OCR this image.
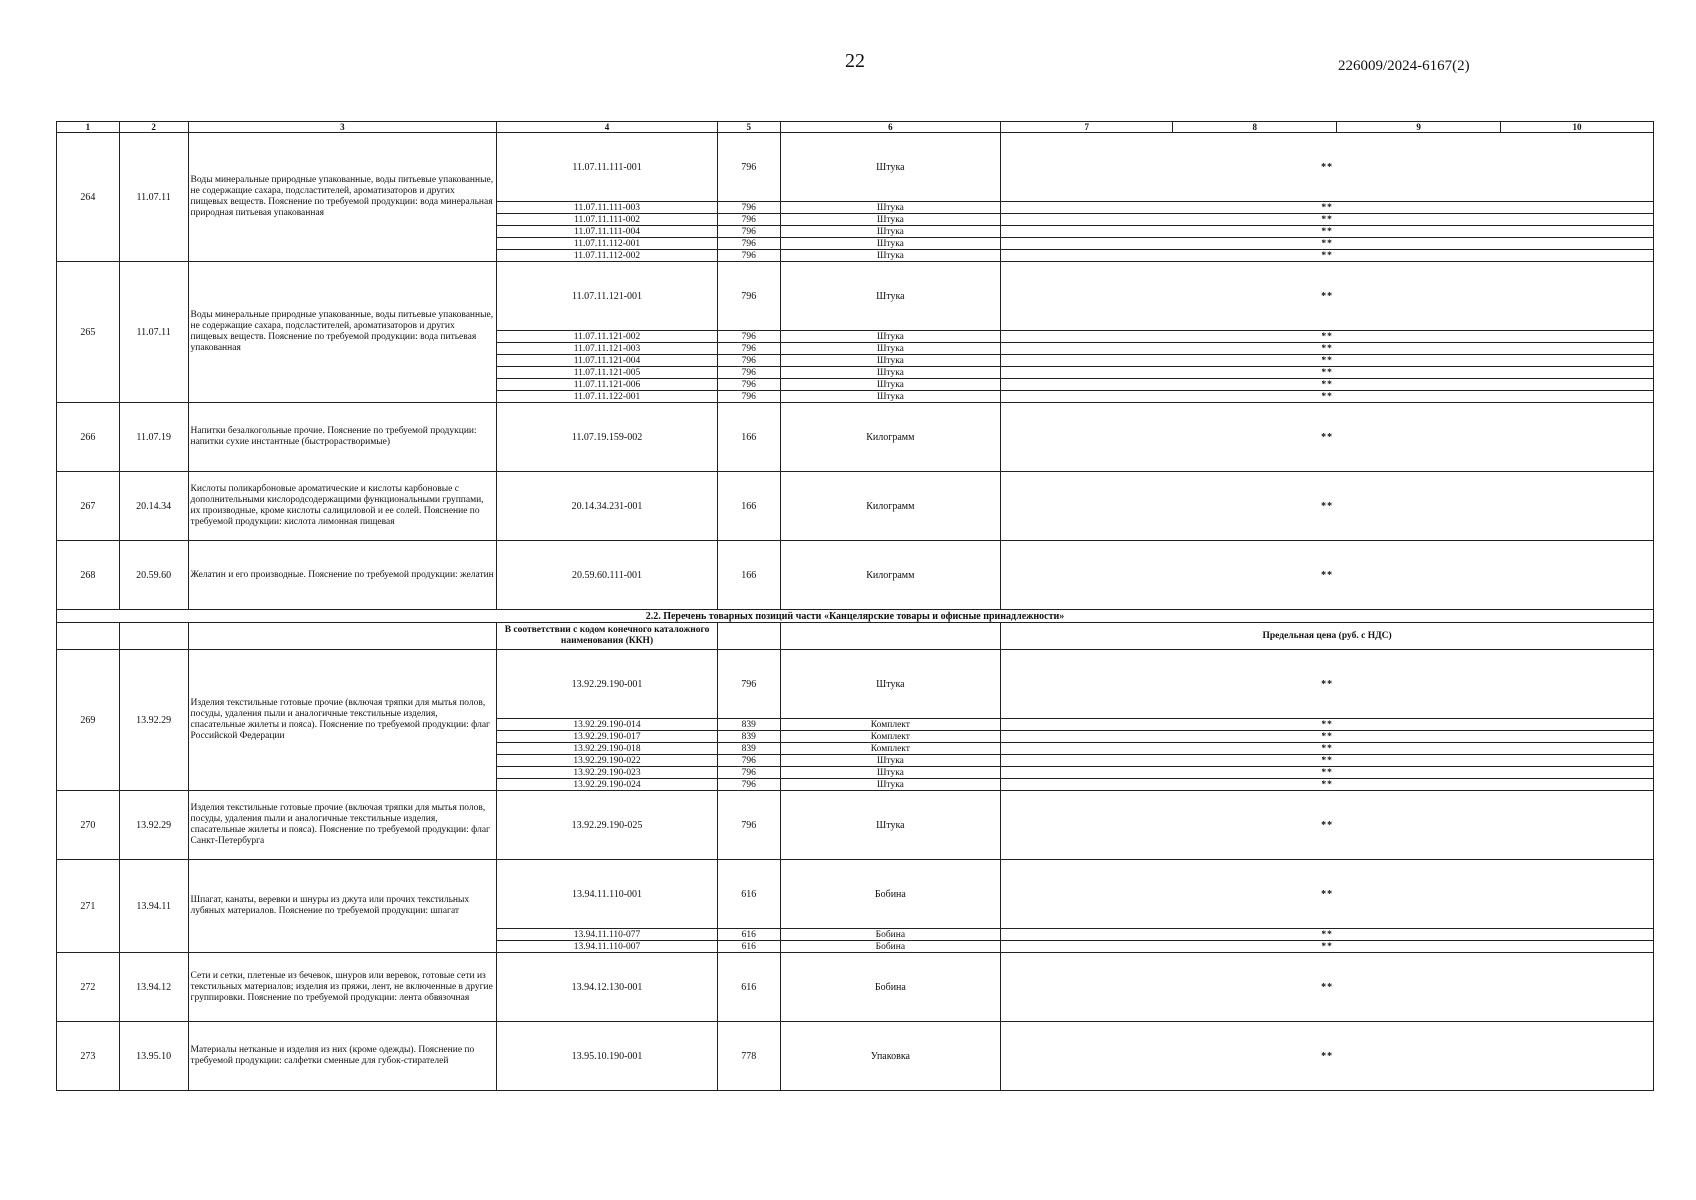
22	226009/2024-6167(2)
1	2	3	4	5	6	7	8	9	10
264	11.07.11	Воды минеральные природные упакованные, воды питьевые упакованные, не содержащие сахара, подсластителей, ароматизаторов и других пищевых веществ. Пояснение по требуемой продукции: вода минеральная природная питьевая упакованная	11.07.11.111-001	796	Штука	**			
			11.07.11.111-003	796	Штука	**			
			11.07.11.111-002	796	Штука	**			
			11.07.11.111-004	796	Штука	**			
			11.07.11.112-001	796	Штука	**			
			11.07.11.112-002	796	Штука	**			
265	11.07.11	Воды минеральные природные упакованные, воды питьевые упакованные, не содержащие сахара, подсластителей, ароматизаторов и других пищевых веществ. Пояснение по требуемой продукции: вода питьевая упакованная	11.07.11.121-001	796	Штука	**			
			11.07.11.121-002	796	Штука	**			
			11.07.11.121-003	796	Штука	**			
			11.07.11.121-004	796	Штука	**			
			11.07.11.121-005	796	Штука	**			
			11.07.11.121-006	796	Штука	**			
			11.07.11.122-001	796	Штука	**			
266	11.07.19	Напитки безалкогольные прочие. Пояснение по требуемой продукции: напитки сухие инстантные (быстрорастворимые)	11.07.19.159-002	166	Килограмм	**			
267	20.14.34	Кислоты поликарбоновые ароматические и кислоты карбоновые с дополнительными кислородсодержащими функциональными группами, их производные, кроме кислоты салициловой и ее солей. Пояснение по требуемой продукции: кислота лимонная пищевая	20.14.34.231-001	166	Килограмм	**			
268	20.59.60	Желатин и его производные. Пояснение по требуемой продукции: желатин	20.59.60.111-001	166	Килограмм	**			
2.2. Перечень товарных позиций части «Канцелярские товары и офисные принадлежности»									
			В соответствии с кодом конечного каталожного наименования (ККН)			Предельная цена (руб. с НДС)			
269	13.92.29	Изделия текстильные готовые прочие (включая тряпки для мытья полов, посуды, удаления пыли и аналогичные текстильные изделия, спасательные жилеты и пояса). Пояснение по требуемой продукции: флаг Российской Федерации	13.92.29.190-001	796	Штука	**			
			13.92.29.190-014	839	Комплект	**			
			13.92.29.190-017	839	Комплект	**			
			13.92.29.190-018	839	Комплект	**			
			13.92.29.190-022	796	Штука	**			
			13.92.29.190-023	796	Штука	**			
			13.92.29.190-024	796	Штука	**			
270	13.92.29	Изделия текстильные готовые прочие (включая тряпки для мытья полов, посуды, удаления пыли и аналогичные текстильные изделия, спасательные жилеты и пояса). Пояснение по требуемой продукции: флаг Санкт-Петербурга	13.92.29.190-025	796	Штука	**			
271	13.94.11	Шпагат, канаты, веревки и шнуры из джута или прочих текстильных лубяных материалов. Пояснение по требуемой продукции: шпагат	13.94.11.110-001	616	Бобина	**			
			13.94.11.110-077	616	Бобина	**			
			13.94.11.110-007	616	Бобина	**			
272	13.94.12	Сети и сетки, плетеные из бечевок, шнуров или веревок, готовые сети из текстильных материалов; изделия из пряжи, лент, не включенные в другие группировки. Пояснение по требуемой продукции: лента обвязочная	13.94.12.130-001	616	Бобина	**			
273	13.95.10	Материалы нетканые и изделия из них (кроме одежды). Пояснение по требуемой продукции: салфетки сменные для губок-стирателей	13.95.10.190-001	778	Упаковка	**			
